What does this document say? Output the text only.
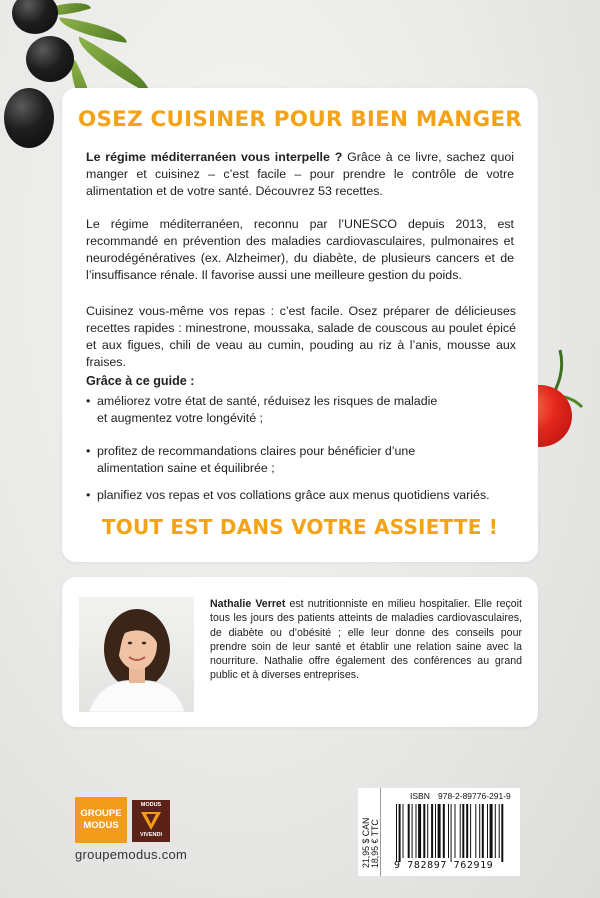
OSEZ CUISINER POUR BIEN MANGER

Le régime méditerranéen vous interpelle ? Grâce à ce livre, sachez quoi manger et cuisinez – c’est facile – pour prendre le contrôle de votre alimentation et de votre santé. Découvrez 53 recettes.

Le régime méditerranéen, reconnu par l’UNESCO depuis 2013, est recommandé en prévention des maladies cardiovasculaires, pulmonaires et neurodégénératives (ex. Alzheimer), du diabète, de plusieurs cancers et de l’insuffisance rénale. Il favorise aussi une meilleure gestion du poids.

Cuisinez vous-même vos repas : c’est facile. Osez préparer de délicieuses recettes rapides : minestrone, moussaka, salade de couscous au poulet épicé et aux figues, chili de veau au cumin, pouding au riz à l’anis, mousse aux fraises.

Grâce à ce guide :

• améliorez votre état de santé, réduisez les risques de maladie et augmentez votre longévité ;
• profitez de recommandations claires pour bénéficier d’une alimentation saine et équilibrée ;
• planifiez vos repas et vos collations grâce aux menus quotidiens variés.
TOUT EST DANS VOTRE ASSIETTE !

Nathalie Verret est nutritionniste en milieu hospitalier. Elle reçoit tous les jours des patients atteints de maladies cardiovasculaires, de diabète ou d’obésité ; elle leur donne des conseils pour prendre soin de leur santé et établir une relation saine avec la nourriture. Nathalie offre également des conférences au grand public et à diverses entreprises.

GROUPE
MODUS
MODUS
VIVENDI
groupemodus.com	21,95 $ CAN 18,95 € TTC
ISBN 978-2-89776-291-9
9 782897 762919
